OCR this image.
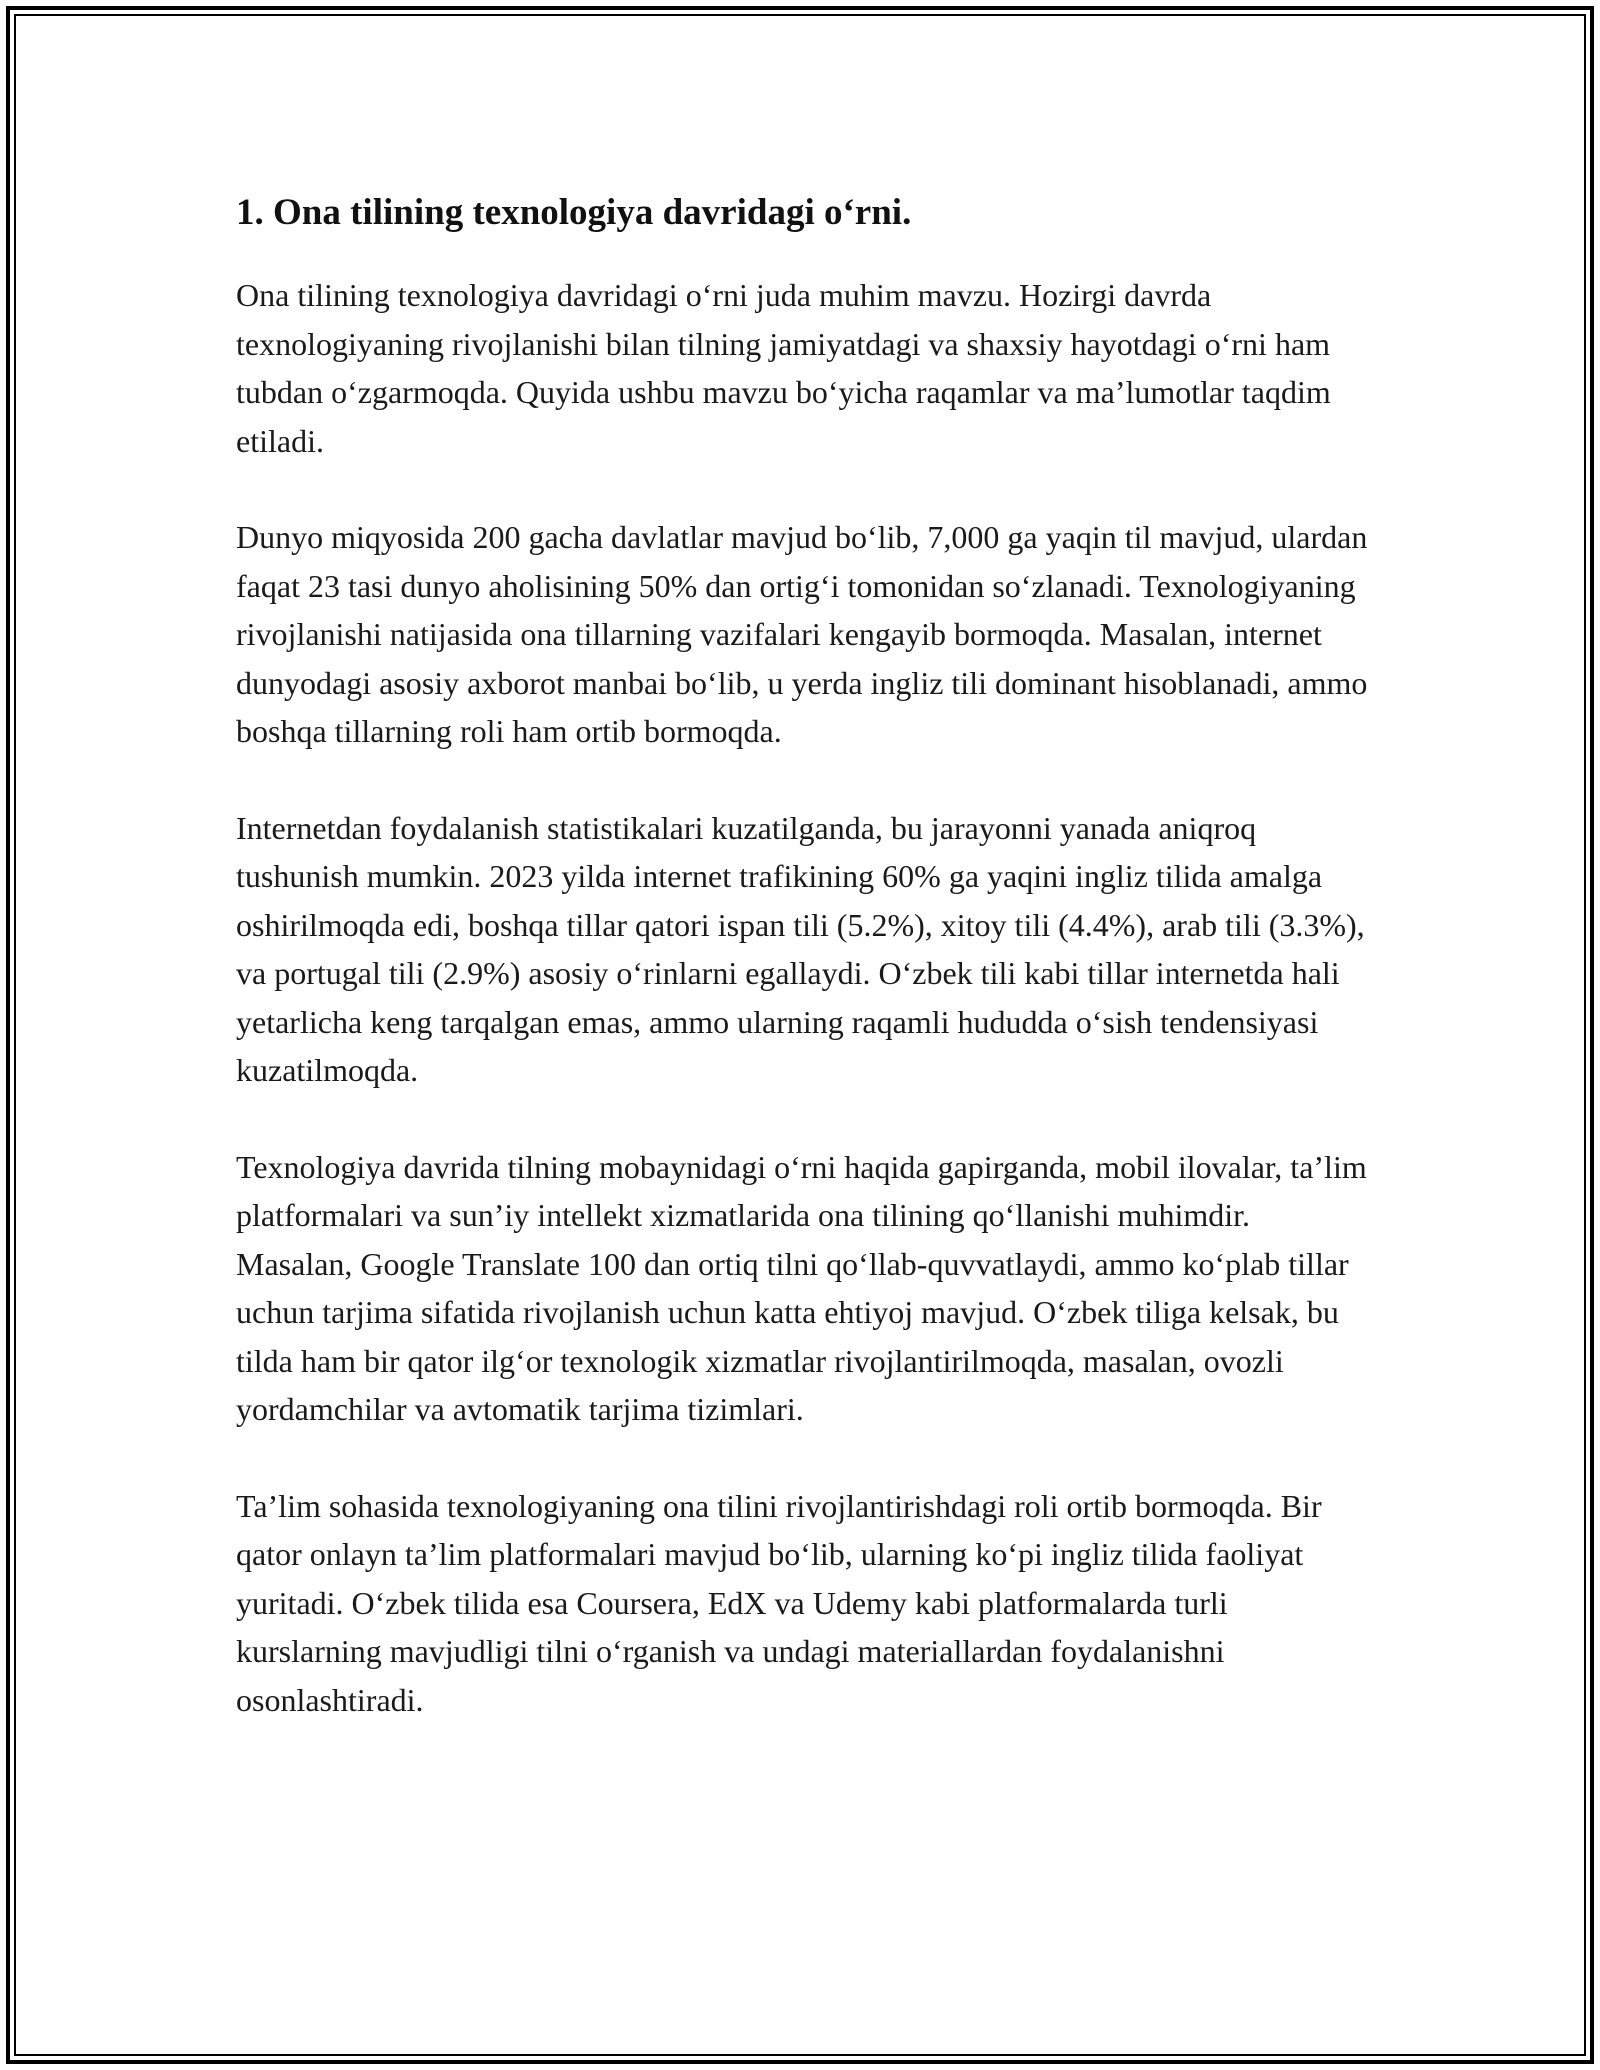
1. Ona tilining texnologiya davridagi o‘rni.

Ona tilining texnologiya davridagi o‘rni juda muhim mavzu. Hozirgi davrda texnologiyaning rivojlanishi bilan tilning jamiyatdagi va shaxsiy hayotdagi o‘rni ham tubdan o‘zgarmoqda. Quyida ushbu mavzu bo‘yicha raqamlar va ma’lumotlar taqdim etiladi.

Dunyo miqyosida 200 gacha davlatlar mavjud bo‘lib, 7,000 ga yaqin til mavjud, ulardan faqat 23 tasi dunyo aholisining 50% dan ortig‘i tomonidan so‘zlanadi. Texnologiyaning rivojlanishi natijasida ona tillarning vazifalari kengayib bormoqda. Masalan, internet dunyodagi asosiy axborot manbai bo‘lib, u yerda ingliz tili dominant hisoblanadi, ammo boshqa tillarning roli ham ortib bormoqda.

Internetdan foydalanish statistikalari kuzatilganda, bu jarayonni yanada aniqroq tushunish mumkin. 2023 yilda internet trafikining 60% ga yaqini ingliz tilida amalga oshirilmoqda edi, boshqa tillar qatori ispan tili (5.2%), xitoy tili (4.4%), arab tili (3.3%), va portugal tili (2.9%) asosiy o‘rinlarni egallaydi. O‘zbek tili kabi tillar internetda hali yetarlicha keng tarqalgan emas, ammo ularning raqamli hududda o‘sish tendensiyasi kuzatilmoqda.

Texnologiya davrida tilning mobaynidagi o‘rni haqida gapirganda, mobil ilovalar, ta’lim platformalari va sun’iy intellekt xizmatlarida ona tilining qo‘llanishi muhimdir. Masalan, Google Translate 100 dan ortiq tilni qo‘llab-quvvatlaydi, ammo ko‘plab tillar uchun tarjima sifatida rivojlanish uchun katta ehtiyoj mavjud. O‘zbek tiliga kelsak, bu tilda ham bir qator ilg‘or texnologik xizmatlar rivojlantirilmoqda, masalan, ovozli yordamchilar va avtomatik tarjima tizimlari.

Ta’lim sohasida texnologiyaning ona tilini rivojlantirishdagi roli ortib bormoqda. Bir qator onlayn ta’lim platformalari mavjud bo‘lib, ularning ko‘pi ingliz tilida faoliyat yuritadi. O‘zbek tilida esa Coursera, EdX va Udemy kabi platformalarda turli kurslarning mavjudligi tilni o‘rganish va undagi materiallardan foydalanishni osonlashtiradi.
